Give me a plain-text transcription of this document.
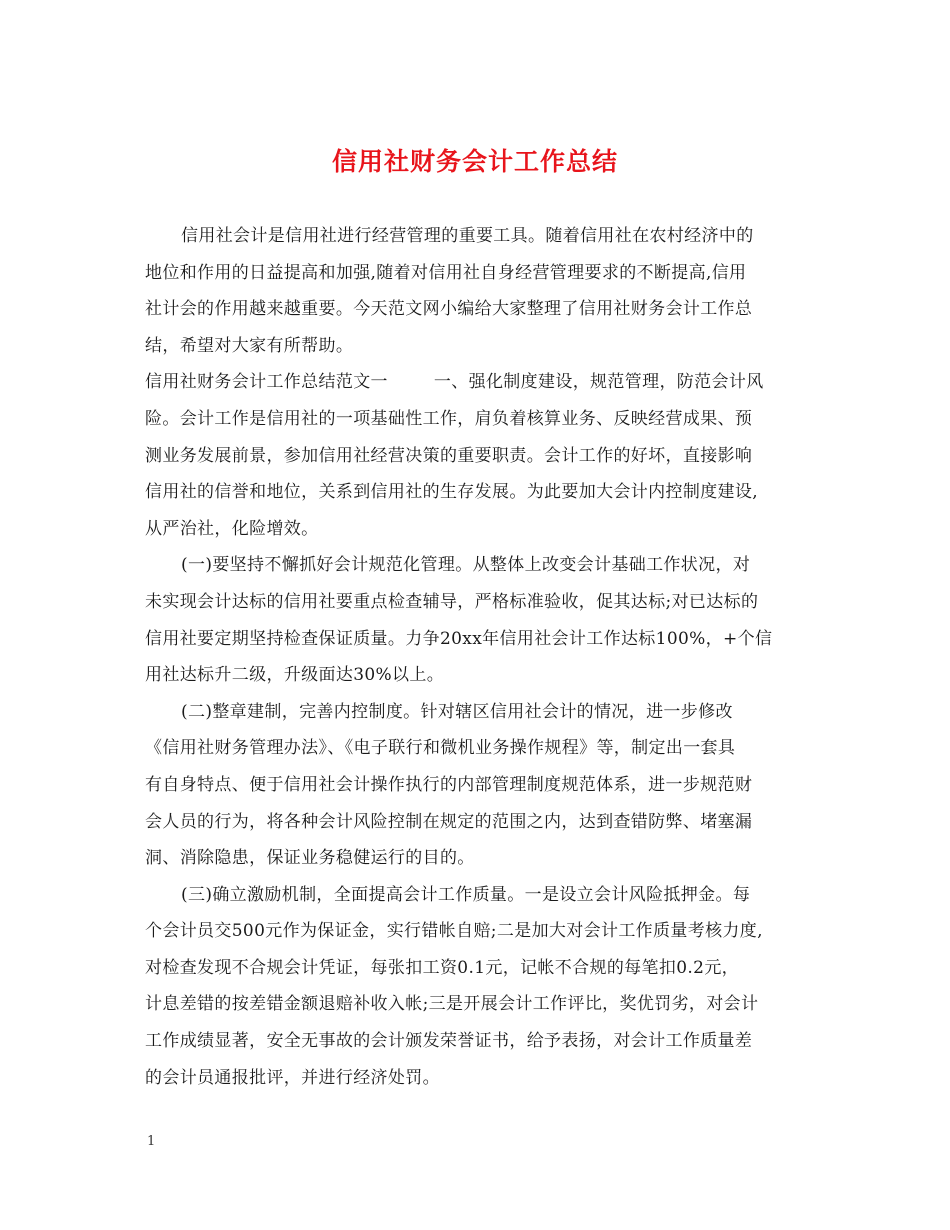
信用社财务会计工作总结
信用社会计是信用社进行经营管理的重要工具。随着信用社在农村经济中的
地位和作用的日益提高和加强,随着对信用社自身经营管理要求的不断提高,信用
社计会的作用越来越重要。今天范文网小编给大家整理了信用社财务会计工作总
结，希望对大家有所帮助。
信用社财务会计工作总结范文一	一、强化制度建设，规范管理，防范会计风
险。会计工作是信用社的一项基础性工作，肩负着核算业务、反映经营成果、预
测业务发展前景，参加信用社经营决策的重要职责。会计工作的好坏，直接影响
信用社的信誉和地位，关系到信用社的生存发展。为此要加大会计内控制度建设,
从严治社，化险增效。
(一)要坚持不懈抓好会计规范化管理。从整体上改变会计基础工作状况，对
未实现会计达标的信用社要重点检查辅导，严格标准验收，促其达标;对已达标的
信用社要定期坚持检查保证质量。力争20xx年信用社会计工作达标100%，+个信
用社达标升二级，升级面达30%以上。
(二)整章建制，完善内控制度。针对辖区信用社会计的情况，进一步修改
《信用社财务管理办法》、《电子联行和微机业务操作规程》等，制定出一套具
有自身特点、便于信用社会计操作执行的内部管理制度规范体系，进一步规范财
会人员的行为，将各种会计风险控制在规定的范围之内，达到查错防弊、堵塞漏
洞、消除隐患，保证业务稳健运行的目的。
(三)确立激励机制，全面提高会计工作质量。一是设立会计风险抵押金。每
个会计员交500元作为保证金，实行错帐自赔;二是加大对会计工作质量考核力度,
对检查发现不合规会计凭证，每张扣工资0.1元，记帐不合规的每笔扣0.2元，
计息差错的按差错金额退赔补收入帐;三是开展会计工作评比，奖优罚劣，对会计
工作成绩显著，安全无事故的会计颁发荣誉证书，给予表扬，对会计工作质量差
的会计员通报批评，并进行经济处罚。
1
